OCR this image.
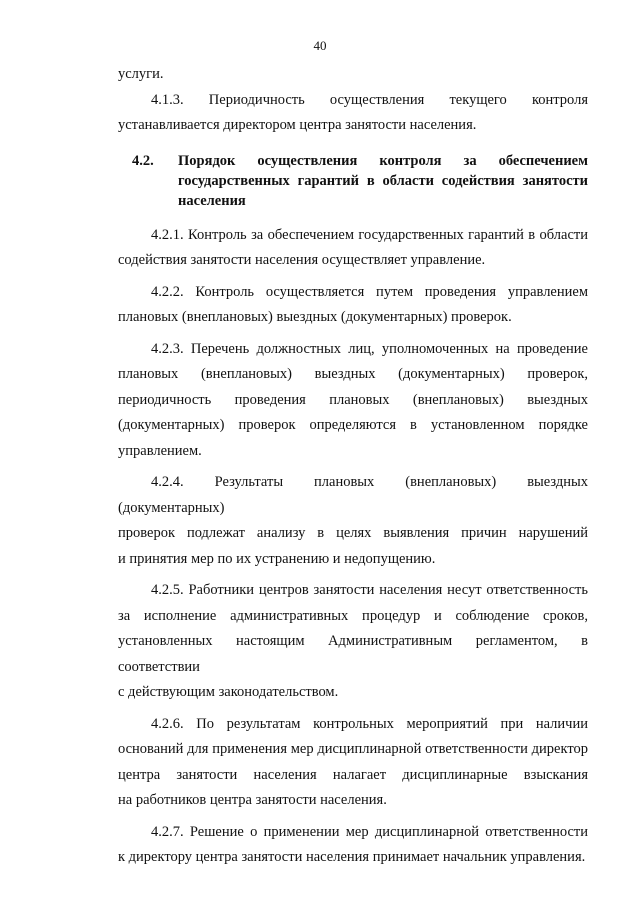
40

услуги.

4.1.3. Периодичность осуществления текущего контроля
устанавливается директором центра занятости населения.

4.2.	Порядок осуществления контроля за обеспечением
государственных гарантий в области содействия занятости
населения

4.2.1. Контроль за обеспечением государственных гарантий в области
содействия занятости населения осуществляет управление.

4.2.2. Контроль осуществляется путем проведения управлением
плановых (внеплановых) выездных (документарных) проверок.

4.2.3. Перечень должностных лиц, уполномоченных на проведение
плановых (внеплановых) выездных (документарных) проверок,
периодичность проведения плановых (внеплановых) выездных
(документарных) проверок определяются в установленном порядке
управлением.

4.2.4. Результаты плановых (внеплановых) выездных (документарных)
проверок подлежат анализу в целях выявления причин нарушений
и принятия мер по их устранению и недопущению.

4.2.5. Работники центров занятости населения несут ответственность
за исполнение административных процедур и соблюдение сроков,
установленных настоящим Административным регламентом, в соответствии
с действующим законодательством.

4.2.6. По результатам контрольных мероприятий при наличии
оснований для применения мер дисциплинарной ответственности директор
центра занятости населения налагает дисциплинарные взыскания
на работников центра занятости населения.

4.2.7. Решение о применении мер дисциплинарной ответственности
к директору центра занятости населения принимает начальник управления.
